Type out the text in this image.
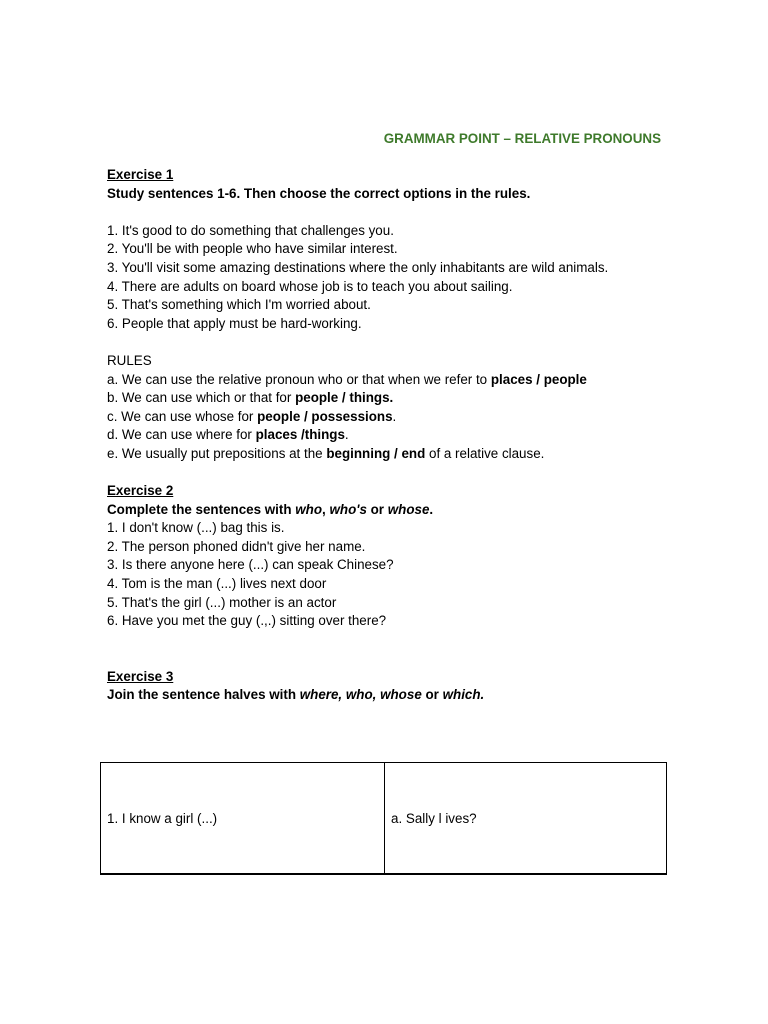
GRAMMAR POINT – RELATIVE PRONOUNS
Exercise 1
Study sentences 1-6. Then choose the correct options in the rules.
1. It's good to do something that challenges you.
2. You'll be with people who have similar interest.
3. You'll visit some amazing destinations where the only inhabitants are wild animals.
4. There are adults on board whose job is to teach you about sailing.
5. That's something which I'm worried about.
6. People that apply must be hard-working.
RULES
a. We can use the relative pronoun who or that when we refer to places / people
b. We can use which or that for people / things.
c. We can use whose for people / possessions.
d. We can use where for places /things.
e. We usually put prepositions at the beginning / end of a relative clause.
Exercise 2
Complete the sentences with who, who's or whose.
1. I don't know (...) bag this is.
2. The person phoned didn't give her name.
3. Is there anyone here (...) can speak Chinese?
4. Tom is the man (...) lives next door
5. That's the girl (...) mother is an actor
6. Have you met the guy (.,.) sitting over there?
Exercise 3
Join the sentence halves with where, who, whose or which.
1. I know a girl (...)	a. Sally l ives?
